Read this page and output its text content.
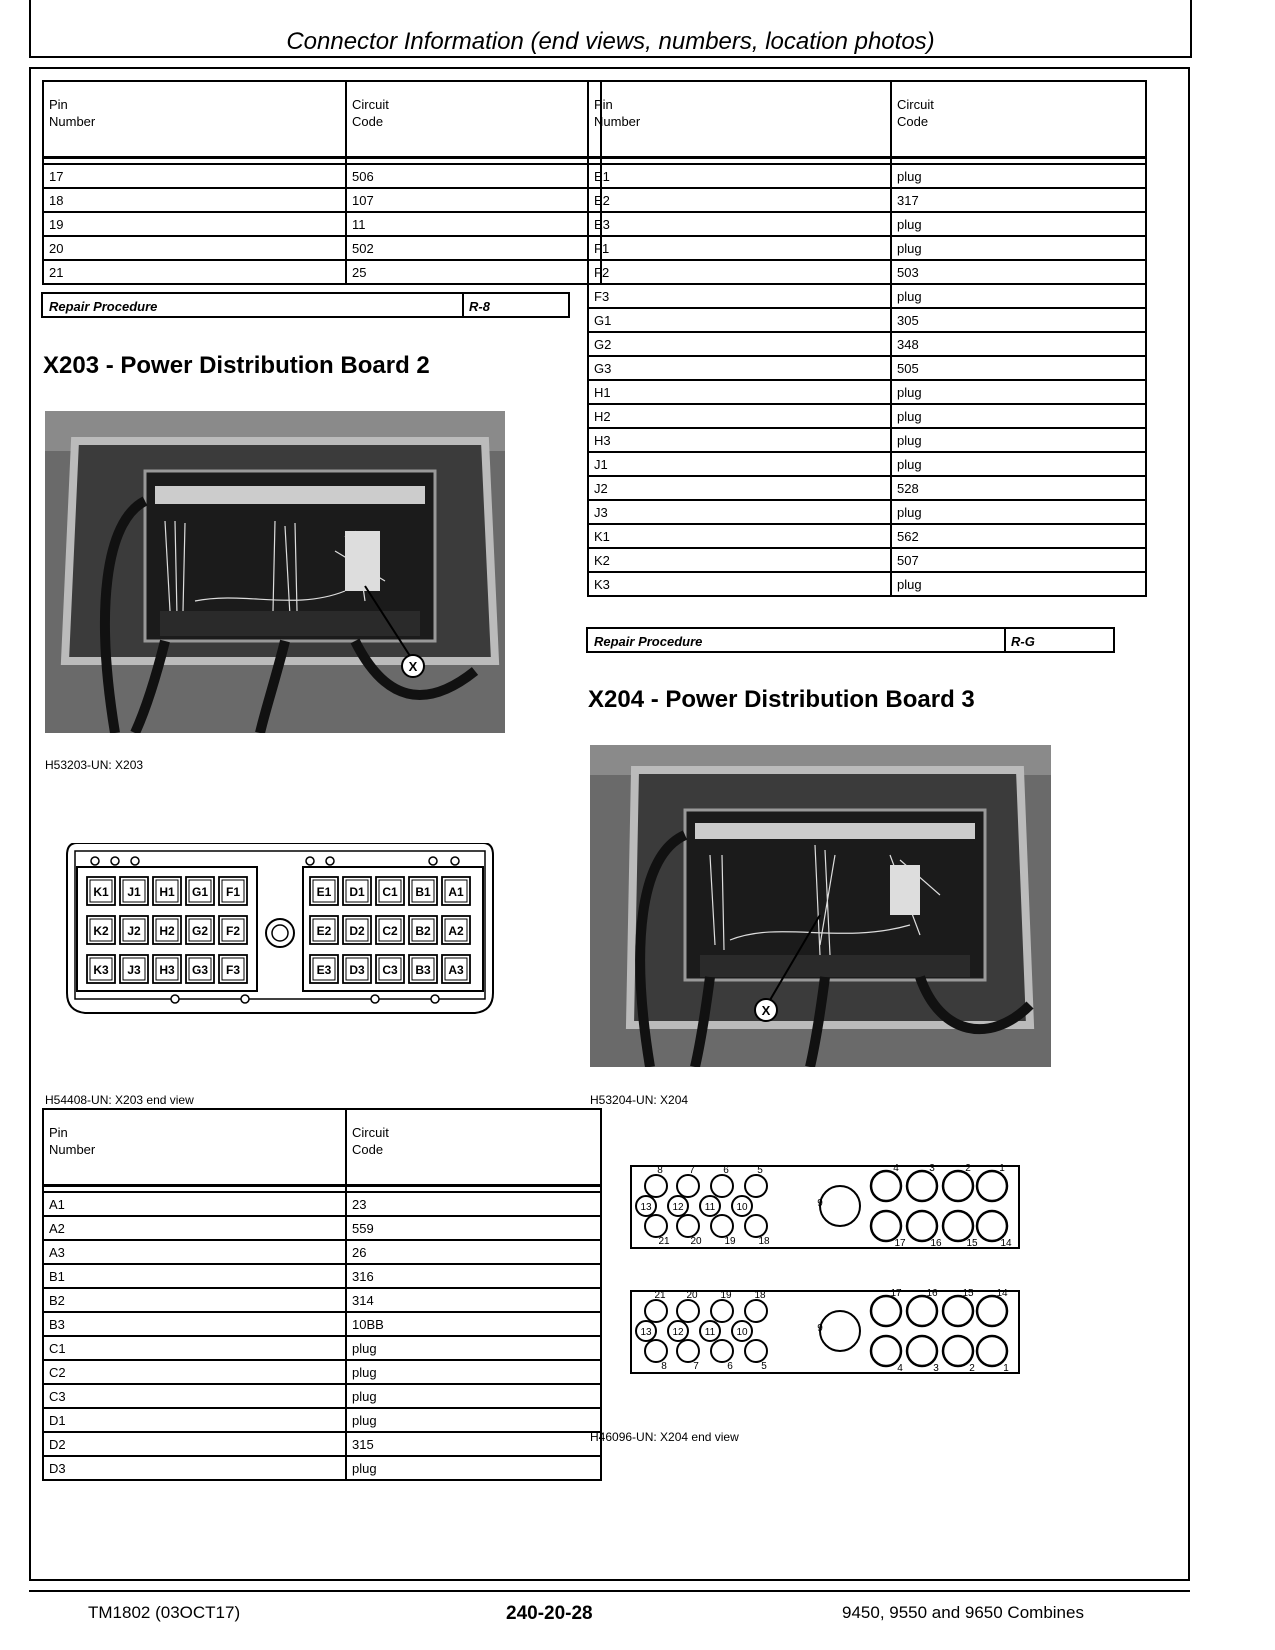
Connector Information (end views, numbers, location photos)
Pin
Number	Circuit
Code

17	506
18	107
19	11
20	502
21	25
Repair Procedure	R-8
X203 - Power Distribution Board 2
X
H53203-UN: X203
K1 J1 H1 G1 F1
K2 J2 H2 G2 F2
K3 J3 H3 G3 F3
E1 D1 C1 B1 A1
E2 D2 C2 B2 A2
E3 D3 C3 B3 A3
H54408-UN: X203 end view
Pin
Number	Circuit
Code

A1	23
A2	559
A3	26
B1	316
B2	314
B3	10BB
C1	plug
C2	plug
C3	plug
D1	plug
D2	315
D3	plug
Pin
Number	Circuit
Code

E1	plug
E2	317
E3	plug
F1	plug
F2	503
F3	plug
G1	305
G2	348
G3	505
H1	plug
H2	plug
H3	plug
J1	plug
J2	528
J3	plug
K1	562
K2	507
K3	plug
Repair Procedure	R-G
X204 - Power Distribution Board 3
X
H53204-UN: X204
8	7	6	5
13 12 11 10
21 20 19 18
9
4
17
3
16
2
15
1
14
21 20 19 18
13 12 11 10
8	7	6	5
9
17
4
16
3
15
2
14
1
H46096-UN: X204 end view
TM1802 (03OCT17)	240-20-28	9450, 9550 and 9650 Combines
